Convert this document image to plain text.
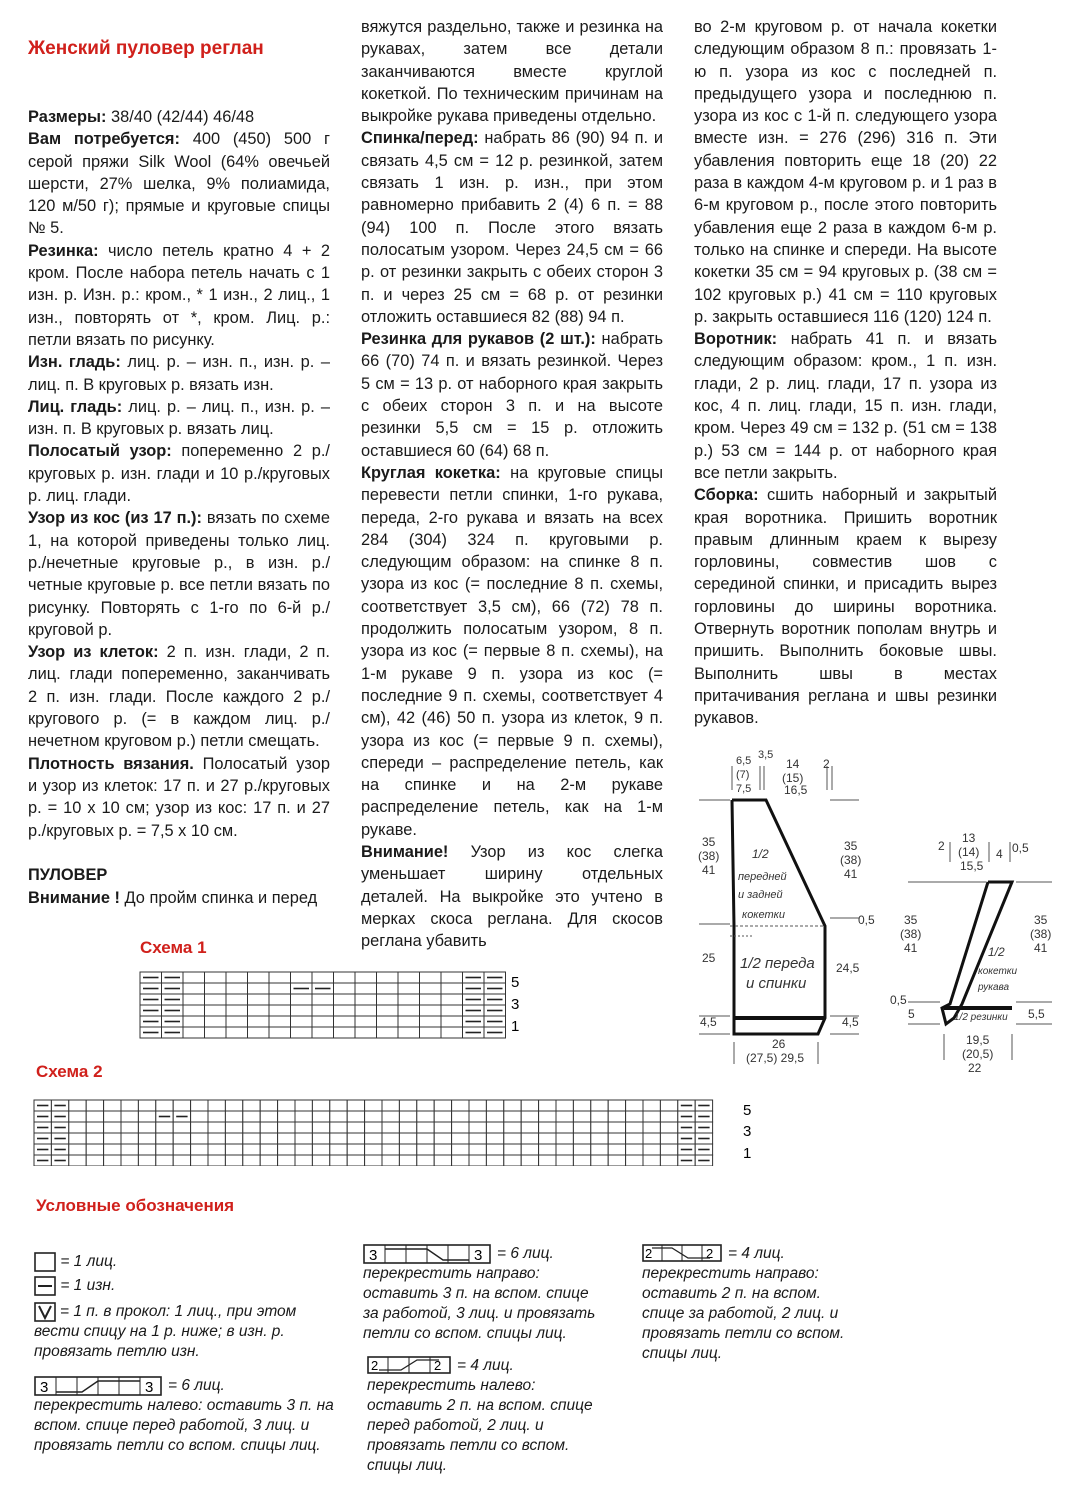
Женский пуловер реглан

Размеры: 38/40 (42/44) 46/48

Вам потребуется: 400 (450) 500 г серой пряжи Silk Wool (64% овечьей шерсти, 27% шелка, 9% полиамида, 120 м/50 г); прямые и круговые спицы № 5.

Резинка: число петель кратно 4 + 2 кром. После набора петель начать с 1 изн. р. Изн. р.: кром., * 1 изн., 2 лиц., 1 изн., повторять от *, кром. Лиц. р.: петли вязать по рисунку.

Изн. гладь: лиц. р. – изн. п., изн. р. – лиц. п. В круговых р. вязать изн.

Лиц. гладь: лиц. р. – лиц. п., изн. р. – изн. п. В круговых р. вязать лиц.

Полосатый узор: попеременно 2 р./круговых р. изн. глади и 10 р./круговых р. лиц. глади.

Узор из кос (из 17 п.): вязать по схеме 1, на которой приведены только лиц. р./нечетные круговые р., в изн. р./четные круговые р. все петли вязать по рисунку. Повторять с 1-го по 6-й р./круговой р.

Узор из клеток: 2 п. изн. глади, 2 п. лиц. глади попеременно, заканчивать 2 п. изн. глади. После каждого 2 р./кругового р. (= в каждом лиц. р./нечетном круговом р.) петли смещать.

Плотность вязания. Полосатый узор и узор из клеток: 17 п. и 27 р./круговых р. = 10 х 10 см; узор из кос: 17 п. и 27 р./круговых р. = 7,5 х 10 см.

ПУЛОВЕР
Внимание ! До пройм спинка и перед

вяжутся раздельно, также и резинка на рукавах, затем все детали заканчиваются вместе круглой кокеткой. По техническим причинам на выкройке рукава приведены отдельно.

Спинка/перед: набрать 86 (90) 94 п. и связать 4,5 см = 12 р. резинкой, затем связать 1 изн. р. изн., при этом равномерно прибавить 2 (4) 6 п. = 88 (94) 100 п. После этого вязать полосатым узором. Через 24,5 см = 66 р. от резинки закрыть с обеих сторон 3 п. и через 25 см = 68 р. от резинки отложить оставшиеся 82 (88) 94 п.

Резинка для рукавов (2 шт.): набрать 66 (70) 74 п. и вязать резинкой. Через 5 см = 13 р. от наборного края закрыть с обеих сторон 3 п. и на высоте резинки 5,5 см = 15 р. отложить оставшиеся 60 (64) 68 п.

Круглая кокетка: на круговые спицы перевести петли спинки, 1-го рукава, переда, 2-го рукава и вязать на всех 284 (304) 324 п. круговыми р. следующим образом: на спинке 8 п. узора из кос (= последние 8 п. схемы, соответствует 3,5 см), 66 (72) 78 п. продолжить полосатым узором, 8 п. узора из кос (= первые 8 п. схемы), на 1-м рукаве 9 п. узора из кос (= последние 9 п. схемы, соответствует 4 см), 42 (46) 50 п. узора из клеток, 9 п. узора из кос (= первые 9 п. схемы), спереди – распределение петель, как на спинке и на 2-м рукаве распределение петель, как на 1-м рукаве.

Внимание! Узор из кос слегка уменьшает ширину отдельных деталей. На выкройке это учтено в мерках скоса реглана. Для скосов реглана убавить

во 2-м круговом р. от начала кокетки следующим образом 8 п.: провязать 1-ю п. узора из кос с последней п. предыдущего узора и последнюю п. узора из кос с 1-й п. следующего узора вместе изн. = 276 (296) 316 п. Эти убавления повторить еще 18 (20) 22 раза в каждом 4-м круговом р. и 1 раз в 6-м круговом р., после этого повторить убавления еще 2 раза в каждом 6-м р. только на спинке и спереди. На высоте кокетки 35 см = 94 круговых р. (38 см = 102 круговых р.) 41 см = 110 круговых р. закрыть оставшиеся 116 (120) 124 п.

Воротник: набрать 41 п. и вязать следующим образом: кром., 1 п. изн. глади, 2 р. лиц. глади, 17 п. узора из кос, 4 п. лиц. глади, 15 п. изн. глади, кром. Через 49 см = 132 р. (51 см = 138 р.) 53 см = 144 р. от наборного края все петли закрыть.

Сборка: сшить наборный и закрытый края воротника. Пришить воротник правым длинным краем к вырезу горловины, совместив шов с серединой спинки, и присадить вырез горловины до ширины воротника. Отвернуть воротник пополам внутрь и пришить. Выполнить боковые швы. Выполнить швы в местах притачивания реглана и швы резинки рукавов.

Схема 1
5
3
1
Схема 2
5
3
1
Условные обозначения
= 1 лиц.
= 1 изн.
= 1 п. в прокол: 1 лиц., при этом вести спицу на 1 р. ниже; в изн. р. провязать петлю изн.
3	3 = 6 лиц. перекрестить налево: оставить 3 п. на вспом. спице перед работой, 3 лиц. и провязать петли со вспом. спицы лиц.
3	3 = 6 лиц. перекрестить направо: оставить 3 п. на вспом. спице за работой, 3 лиц. и провязать петли со вспом. спицы лиц.
2	2 = 4 лиц. перекрестить налево: оставить 2 п. на вспом. спице перед работой, 2 лиц. и провязать петли со вспом. спицы лиц.
2	2 = 4 лиц. перекрестить направо: оставить 2 п. на вспом. спице за работой, 2 лиц. и провязать петли со вспом. спицы лиц.
6,5
(7)
7,5
3,5
14
(15)
16,5
2
35
(38)
41
25
4,5
35
(38)
41
0,5
24,5
4,5
1/2
передней
и задней
кокетки
1/2 переда
и спинки
26
(27,5) 29,5
2
13
(14)
15,5
4 0,5
35
(38)
41
0,5
5
35
(38)
41
5,5
1/2
кокетки
рукава
1/2 резинки
19,5
(20,5)
22
